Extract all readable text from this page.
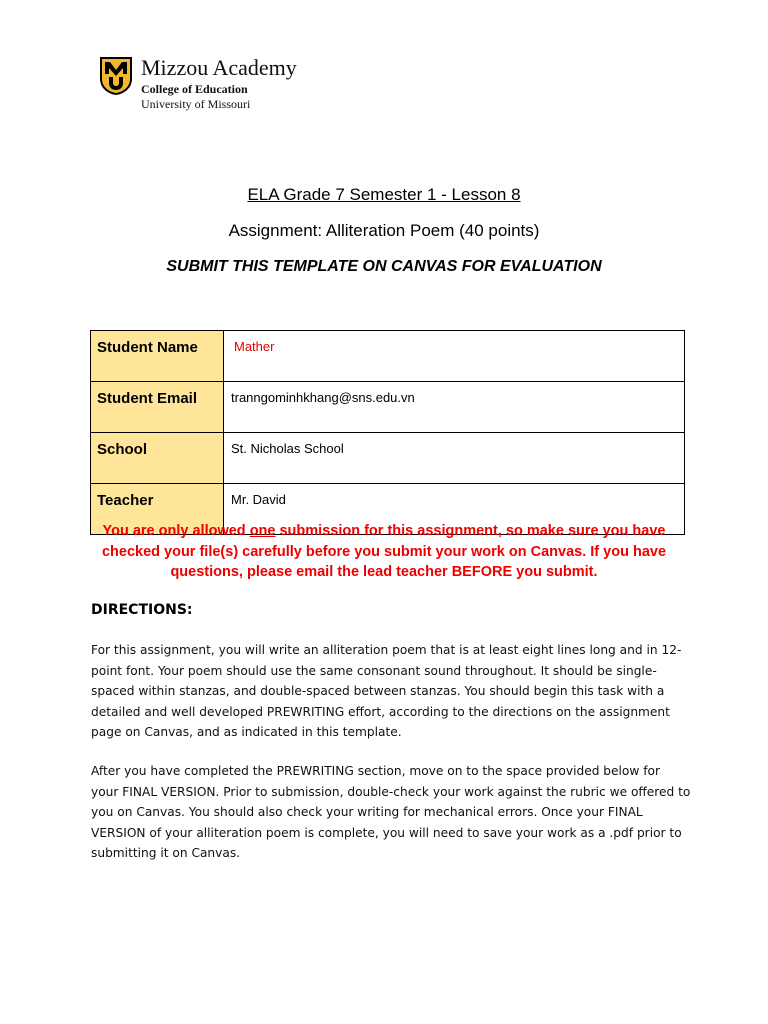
Mizzou Academy
College of Education
University of Missouri
ELA Grade 7 Semester 1 - Lesson 8
Assignment: Alliteration Poem (40 points)
SUBMIT THIS TEMPLATE ON CANVAS FOR EVALUATION
Student Name	Mather
Student Email	tranngominhkhang@sns.edu.vn
School	St. Nicholas School
Teacher	Mr. David
You are only allowed one submission for this assignment, so make sure you have checked your file(s) carefully before you submit your work on Canvas. If you have questions, please email the lead teacher BEFORE you submit.
DIRECTIONS:
For this assignment, you will write an alliteration poem that is at least eight lines long and in 12-point font. Your poem should use the same consonant sound throughout. It should be single-spaced within stanzas, and double-spaced between stanzas. You should begin this task with a detailed and well developed PREWRITING effort, according to the directions on the assignment page on Canvas, and as indicated in this template.
After you have completed the PREWRITING section, move on to the space provided below for your FINAL VERSION. Prior to submission, double-check your work against the rubric we offered to you on Canvas. You should also check your writing for mechanical errors. Once your FINAL VERSION of your alliteration poem is complete, you will need to save your work as a .pdf prior to submitting it on Canvas.
